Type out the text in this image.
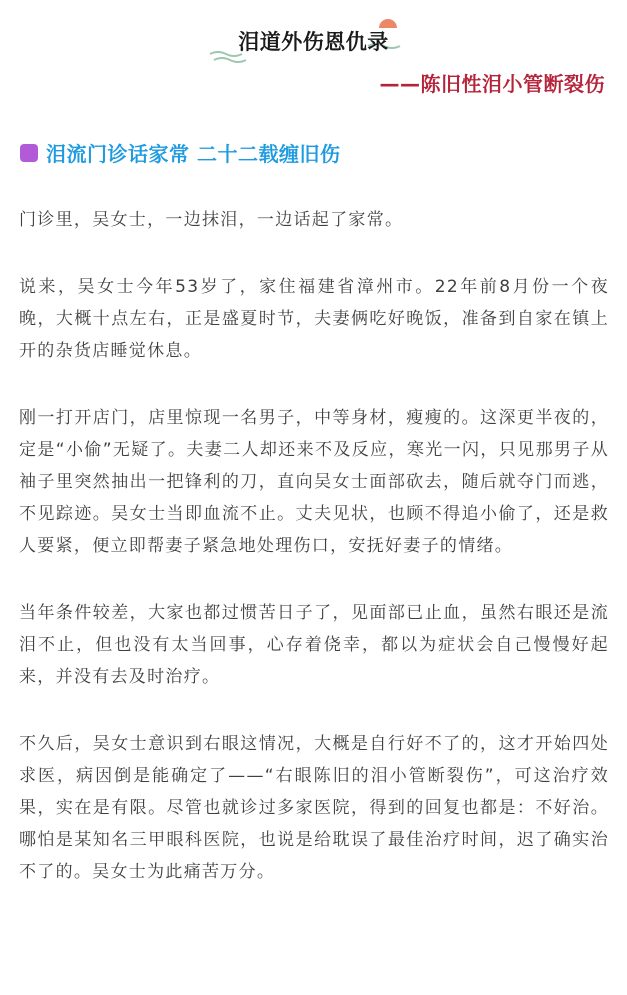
泪道外伤恩仇录
——陈旧性泪小管断裂伤
泪流门诊话家常 二十二载缠旧伤

门诊里，吴女士，一边抹泪，一边话起了家常。

说来，吴女士今年53岁了，家住福建省漳州市。22年前8月份一个夜晚，大概十点左右，正是盛夏时节，夫妻俩吃好晚饭，准备到自家在镇上开的杂货店睡觉休息。

刚一打开店门，店里惊现一名男子，中等身材，瘦瘦的。这深更半夜的，定是“小偷”无疑了。夫妻二人却还来不及反应，寒光一闪，只见那男子从袖子里突然抽出一把锋利的刀，直向吴女士面部砍去，随后就夺门而逃，不见踪迹。吴女士当即血流不止。丈夫见状，也顾不得追小偷了，还是救人要紧，便立即帮妻子紧急地处理伤口，安抚好妻子的情绪。

当年条件较差，大家也都过惯苦日子了，见面部已止血，虽然右眼还是流泪不止，但也没有太当回事，心存着侥幸，都以为症状会自己慢慢好起来，并没有去及时治疗。

不久后，吴女士意识到右眼这情况，大概是自行好不了的，这才开始四处求医，病因倒是能确定了——“右眼陈旧的泪小管断裂伤”，可这治疗效果，实在是有限。尽管也就诊过多家医院，得到的回复也都是：不好治。哪怕是某知名三甲眼科医院，也说是给耽误了最佳治疗时间，迟了确实治不了的。吴女士为此痛苦万分。
